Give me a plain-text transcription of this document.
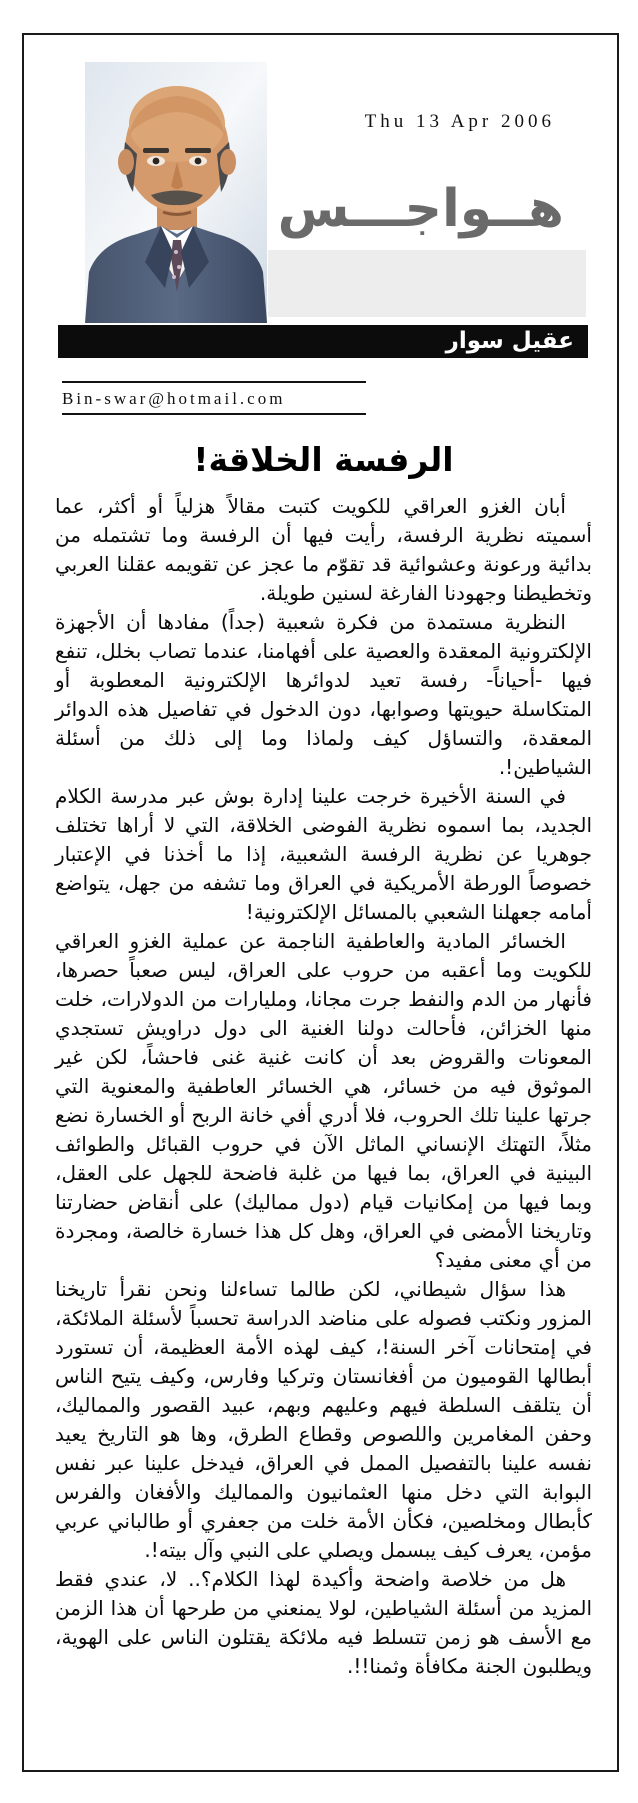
Thu 13 Apr 2006
هــواجـــس
عقيل سوار
Bin-swar@hotmail.com
الرفسة الخلاقة!

أبان الغزو العراقي للكويت كتبت مقالاً هزلياً أو أكثر، عما أسميته نظرية الرفسة، رأيت فيها أن الرفسة وما تشتمله من بدائية ورعونة وعشوائية قد تقوّم ما عجز عن تقويمه عقلنا العربي وتخطيطنا وجهودنا الفارغة لسنين طويلة.

النظرية مستمدة من فكرة شعبية (جداً) مفادها أن الأجهزة الإلكترونية المعقدة والعصية على أفهامنا، عندما تصاب بخلل، تنفع فيها -أحياناً- رفسة تعيد لدوائرها الإلكترونية المعطوبة أو المتكاسلة حيويتها وصوابها، دون الدخول في تفاصيل هذه الدوائر المعقدة، والتساؤل كيف ولماذا وما إلى ذلك من أسئلة الشياطين!.

في السنة الأخيرة خرجت علينا إدارة بوش عبر مدرسة الكلام الجديد، بما اسموه نظرية الفوضى الخلاقة، التي لا أراها تختلف جوهريا عن نظرية الرفسة الشعبية، إذا ما أخذنا في الإعتبار خصوصاً الورطة الأمريكية في العراق وما تشفه من جهل، يتواضع أمامه جعهلنا الشعبي بالمسائل الإلكترونية!

الخسائر المادية والعاطفية الناجمة عن عملية الغزو العراقي للكويت وما أعقبه من حروب على العراق، ليس صعباً حصرها، فأنهار من الدم والنفط جرت مجانا، ومليارات من الدولارات، خلت منها الخزائن، فأحالت دولنا الغنية الى دول دراويش تستجدي المعونات والقروض بعد أن كانت غنية غنى فاحشاً، لكن غير الموثوق فيه من خسائر، هي الخسائر العاطفية والمعنوية التي جرتها علينا تلك الحروب، فلا أدري أفي خانة الربح أو الخسارة نضع مثلاً، التهتك الإنساني الماثل الآن في حروب القبائل والطوائف البينية في العراق، بما فيها من غلبة فاضحة للجهل على العقل، وبما فيها من إمكانيات قيام (دول مماليك) على أنقاض حضارتنا وتاريخنا الأمضى في العراق، وهل كل هذا خسارة خالصة، ومجردة من أي معنى مفيد؟

هذا سؤال شيطاني، لكن طالما تساءلنا ونحن نقرأ تاريخنا المزور ونكتب فصوله على مناضد الدراسة تحسباً لأسئلة الملائكة، في إمتحانات آخر السنة!، كيف لهذه الأمة العظيمة، أن تستورد أبطالها القوميون من أفغانستان وتركيا وفارس، وكيف يتيح الناس أن يتلقف السلطة فيهم وعليهم وبهم، عبيد القصور والمماليك، وحفن المغامرين واللصوص وقطاع الطرق، وها هو التاريخ يعيد نفسه علينا بالتفصيل الممل في العراق، فيدخل علينا عبر نفس البوابة التي دخل منها العثمانيون والمماليك والأفغان والفرس كأبطال ومخلصين، فكأن الأمة خلت من جعفري أو طالباني عربي مؤمن، يعرف كيف يبسمل ويصلي على النبي وآل بيته!.

هل من خلاصة واضحة وأكيدة لهذا الكلام؟.. لا، عندي فقط المزيد من أسئلة الشياطين، لولا يمنعني من طرحها أن هذا الزمن مع الأسف هو زمن تتسلط فيه ملائكة يقتلون الناس على الهوية، ويطلبون الجنة مكافأة وثمنا!!.
